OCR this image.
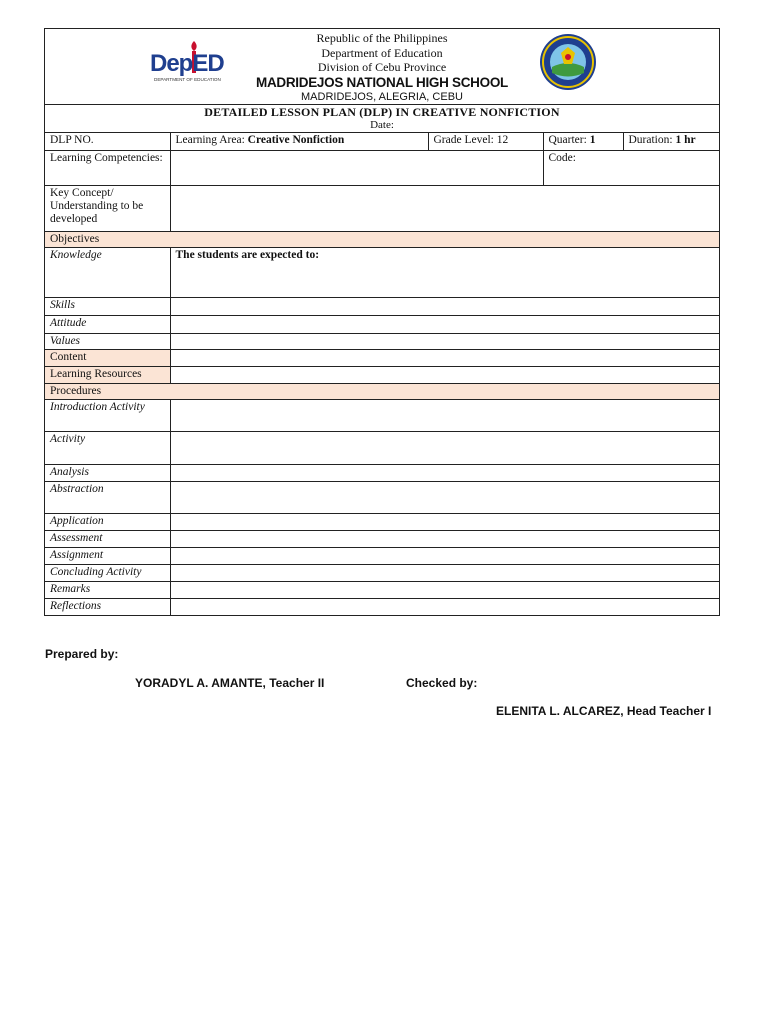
DepED
DEPARTMENT OF EDUCATION
Republic of the Philippines
Department of Education
Division of Cebu Province
MADRIDEJOS NATIONAL HIGH SCHOOL
MADRIDEJOS, ALEGRIA, CEBU
DETAILED LESSON PLAN (DLP) IN CREATIVE NONFICTION
Date:
DLP NO.	Learning Area: Creative Nonfiction	Grade Level: 12	Quarter: 1	Duration: 1 hr
Learning Competencies:			Code:	
Key Concept/ Understanding to be developed				
Objectives				
Knowledge	The students are expected to:			
Skills				
Attitude				
Values				
Content				
Learning Resources				
Procedures				
Introduction Activity				
Activity				
Analysis				
Abstraction				
Application				
Assessment				
Assignment				
Concluding Activity				
Remarks				
Reflections				
Prepared by:
YORADYL A. AMANTE, Teacher II	Checked by:
ELENITA L. ALCAREZ, Head Teacher I
